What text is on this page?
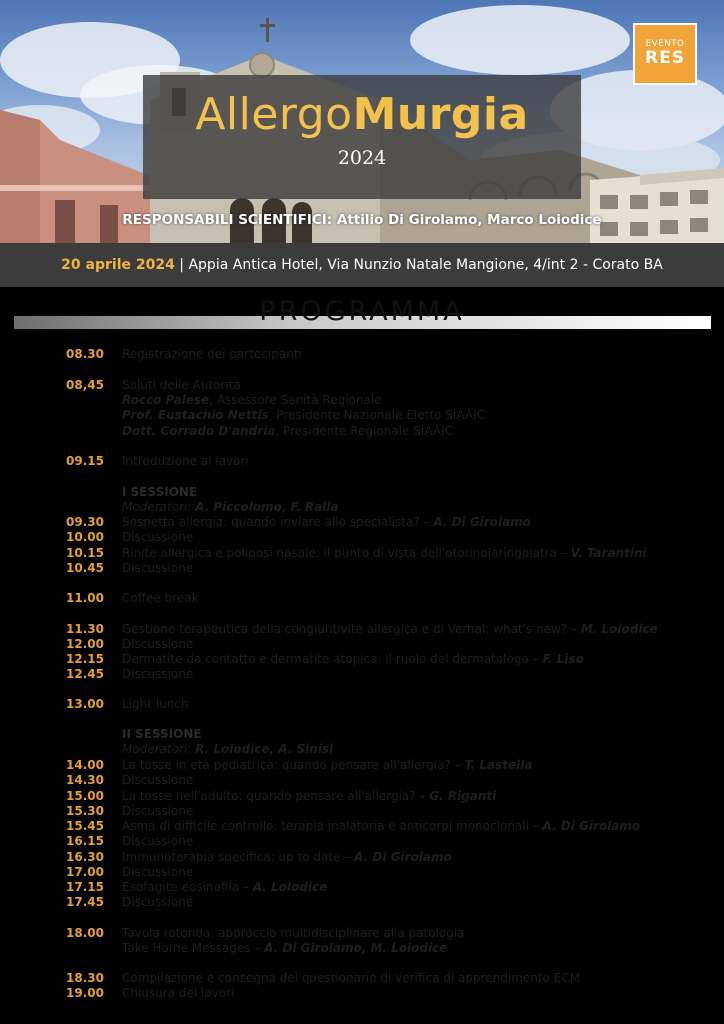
AllergoMurgia
2024
EVENTO
RES
RESPONSABILI SCIENTIFICI: Attilio Di Girolamo, Marco Loiodice
20 aprile 2024 | Appia Antica Hotel, Via Nunzio Natale Mangione, 4/int 2 - Corato BA
PROGRAMMA
08.30 Registrazione dei partecipanti
08,45 Saluti delle Autorità
Rocco Palese, Assessore Sanità Regionale
Prof. Eustachio Nettis, Presidente Nazionale Eletto SIAAIC
Dott. Corrado D'andria, Presidente Regionale SIAAIC
09.15 Introduzione ai lavori
I SESSIONE
Moderatori: A. Piccolomo, F. Ralla
09.30 Sospetta allergia: quando inviare allo specialista? – A. Di Girolamo
10.00 Discussione
10.15 Rinite allergica e poliposi nasale: il punto di vista dell'otorinolaringoiatra – V. Tarantini
10.45 Discussione
11.00 Coffee break
11.30 Gestione terapeutica della congiuntivite allergica e di Vernal: what's new? – M. Loiodice
12.00 Discussione
12.15 Dermatite da contatto e dermatite atopica: il ruolo del dermatologo – F. Liso
12.45 Discussione
13.00 Light lunch
II SESSIONE
Moderatori: R. Loiodice, A. Sinisi
14.00 La tosse in età pediatrica: quando pensare all'allergia? – T. Lastella
14.30 Discussione
15.00 La tosse nell'adulto: quando pensare all'allergia? – G. Riganti
15.30 Discussione
15.45 Asma di difficile controllo: terapia inalatoria e anticorpi monoclonali – A. Di Girolamo
16.15 Discussione
16.30 Immunoterapia specifica: up to date – A. Di Girolamo
17.00 Discussione
17.15 Esofagite eosinofila – A. Loiodice
17.45 Discussione
18.00 Tavola rotonda: approccio multidisciplinare alla patologia
Take Home Messages – A. Di Girolamo, M. Loiodice
18.30 Compilazione e consegna del questionario di verifica di apprendimento ECM
19.00 Chiusura dei lavori
